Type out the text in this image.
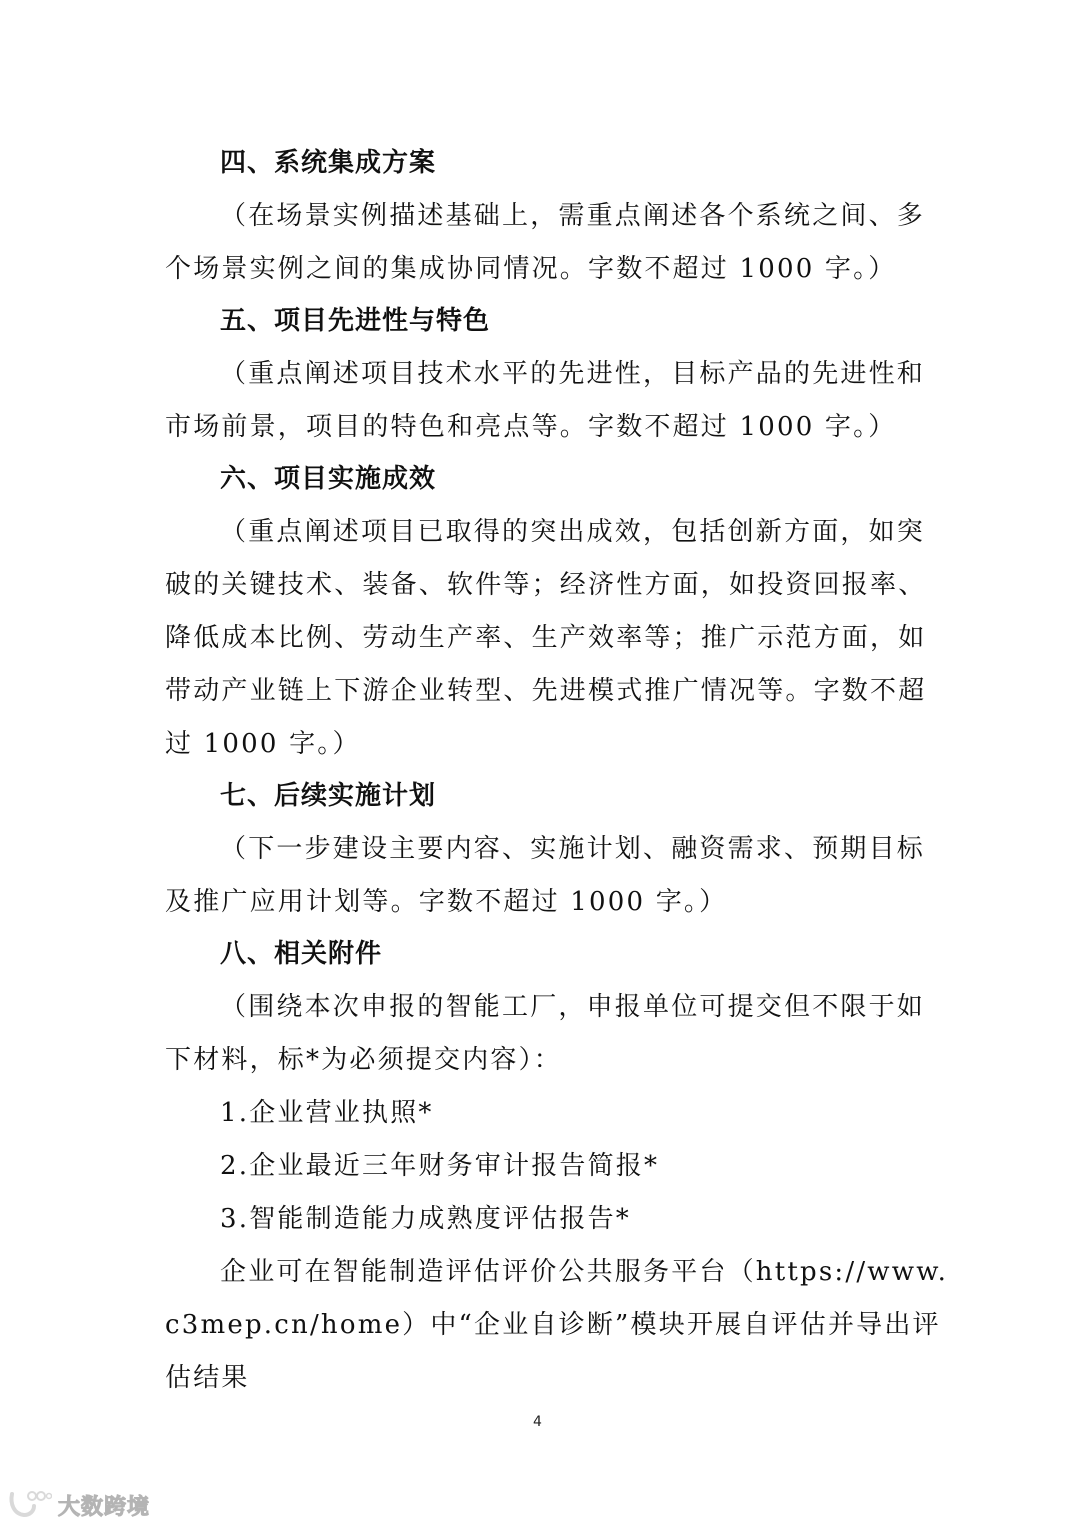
四、系统集成方案
（在场景实例描述基础上，需重点阐述各个系统之间、多
个场景实例之间的集成协同情况。字数不超过 1000 字。）
五、项目先进性与特色
（重点阐述项目技术水平的先进性，目标产品的先进性和
市场前景，项目的特色和亮点等。字数不超过 1000 字。）
六、项目实施成效
（重点阐述项目已取得的突出成效，包括创新方面，如突
破的关键技术、装备、软件等；经济性方面，如投资回报率、
降低成本比例、劳动生产率、生产效率等；推广示范方面，如
带动产业链上下游企业转型、先进模式推广情况等。字数不超
过 1000 字。）
七、后续实施计划
（下一步建设主要内容、实施计划、融资需求、预期目标
及推广应用计划等。字数不超过 1000 字。）
八、相关附件
（围绕本次申报的智能工厂，申报单位可提交但不限于如
下材料，标*为必须提交内容）：
1.企业营业执照*
2.企业最近三年财务审计报告简报*
3.智能制造能力成熟度评估报告*
企业可在智能制造评估评价公共服务平台（https://www.
c3mep.cn/home）中“企业自诊断”模块开展自评估并导出评
估结果
4
大数跨境
